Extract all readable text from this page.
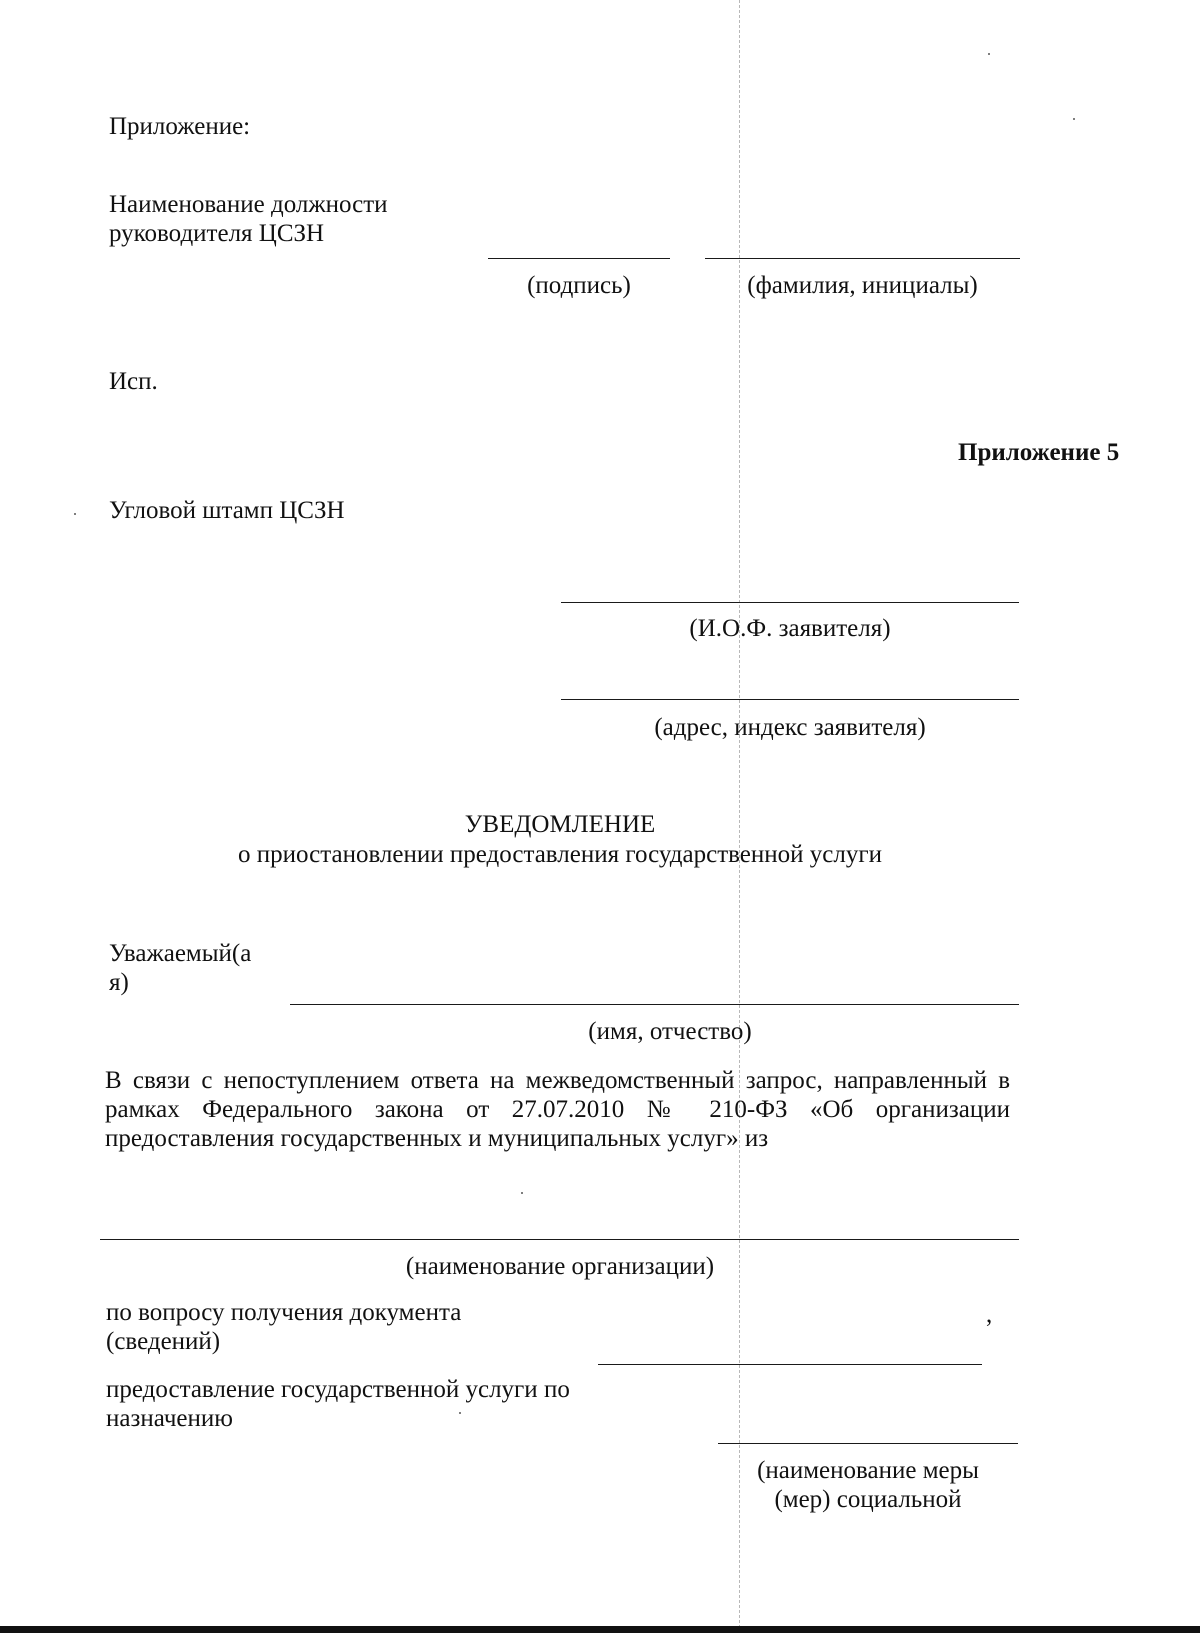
Приложение:
Наименование должности
руководителя ЦСЗН
(подпись)	(фамилия, инициалы)
Исп.
Приложение 5
Угловой штамп ЦСЗН
(И.О.Ф. заявителя)
(адрес, индекс заявителя)
УВЕДОМЛЕНИЕ
о приостановлении предоставления государственной услуги
Уважаемый(а
я)
(имя, отчество)
В связи с непоступлением ответа на межведомственный запрос, направленный в рамках Федерального закона от 27.07.2010 № 210-ФЗ «Об организации предоставления государственных и муниципальных услуг» из
(наименование организации)
по вопросу получения документа
(сведений)
,
предоставление государственной услуги по
назначению
(наименование меры
(мер) социальной
